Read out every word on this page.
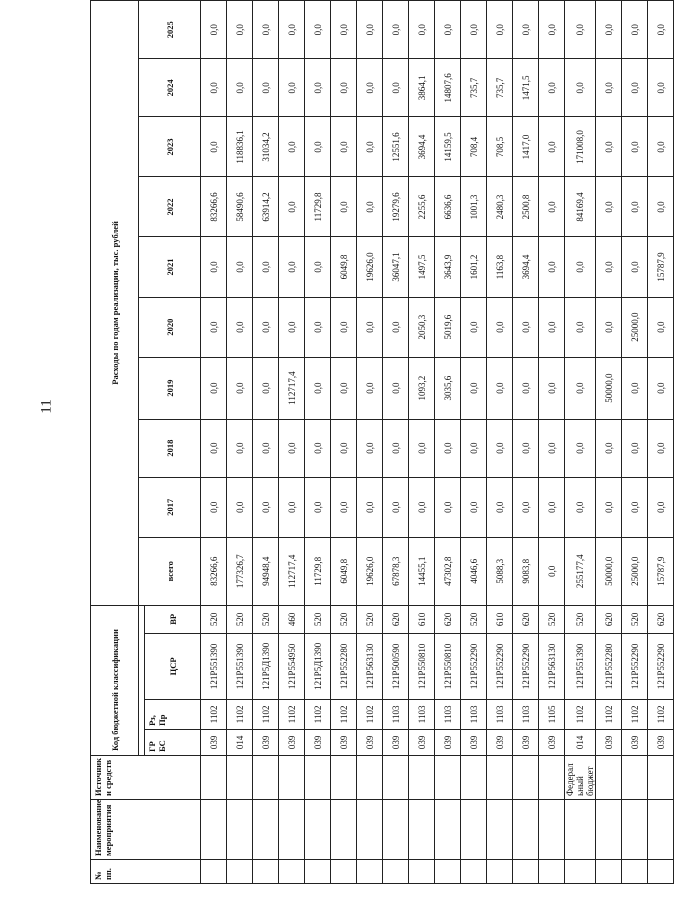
11
№ пп.	Наименование мероприятия	Источник и средств	Код бюджетной классификации				Расходы по годам реализации, тыс. рублей									
							всего	2017	2018	2019	2020	2021	2022	2023	2024	2025
			ГР БС	Рз, Пр	ЦСР	ВР										
			039	1102	121P551390	520	83266,6	0,0	0,0	0,0	0,0	0,0	83266,6	0,0	0,0	0,0
			014	1102	121P551390	520	177326,7	0,0	0,0	0,0	0,0	0,0	58490,6	118836,1	0,0	0,0
			039	1102	121P5Д1390	520	94948,4	0,0	0,0	0,0	0,0	0,0	63914,2	31034,2	0,0	0,0
			039	1102	121P554950	460	112717,4	0,0	0,0	112717,4	0,0	0,0	0,0	0,0	0,0	0,0
			039	1102	121P5Д1390	520	11729,8	0,0	0,0	0,0	0,0	0,0	11729,8	0,0	0,0	0,0
			039	1102	121P552280	520	6049,8	0,0	0,0	0,0	0,0	6049,8	0,0	0,0	0,0	0,0
			039	1102	121P563130	520	19626,0	0,0	0,0	0,0	0,0	19626,0	0,0	0,0	0,0	0,0
			039	1103	121P500590	620	67878,3	0,0	0,0	0,0	0,0	36047,1	19279,6	12551,6	0,0	0,0
			039	1103	121P550810	610	14455,1	0,0	0,0	1093,2	2050,3	1497,5	2255,6	3694,4	3864,1	0,0
			039	1103	121P550810	620	47302,8	0,0	0,0	3035,6	5019,6	3643,9	6636,6	14159,5	14807,6	0,0
			039	1103	121P552290	520	4046,6	0,0	0,0	0,0	0,0	1601,2	1001,3	708,4	735,7	0,0
			039	1103	121P552290	610	5088,3	0,0	0,0	0,0	0,0	1163,8	2480,3	708,5	735,7	0,0
			039	1103	121P552290	620	9083,8	0,0	0,0	0,0	0,0	3694,4	2500,8	1417,0	1471,5	0,0
			039	1105	121P563130	520	0,0	0,0	0,0	0,0	0,0	0,0	0,0	0,0	0,0	0,0
		Федерал ьный бюджет	014	1102	121P551390	520	255177,4	0,0	0,0	0,0	0,0	0,0	84169,4	171008,0	0,0	0,0
			039	1102	121P552280	620	50000,0	0,0	0,0	50000,0	0,0	0,0	0,0	0,0	0,0	0,0
			039	1102	121P552290	520	25000,0	0,0	0,0	0,0	25000,0	0,0	0,0	0,0	0,0	0,0
			039	1102	121P552290	620	15787,9	0,0	0,0	0,0	0,0	15787,9	0,0	0,0	0,0	0,0
